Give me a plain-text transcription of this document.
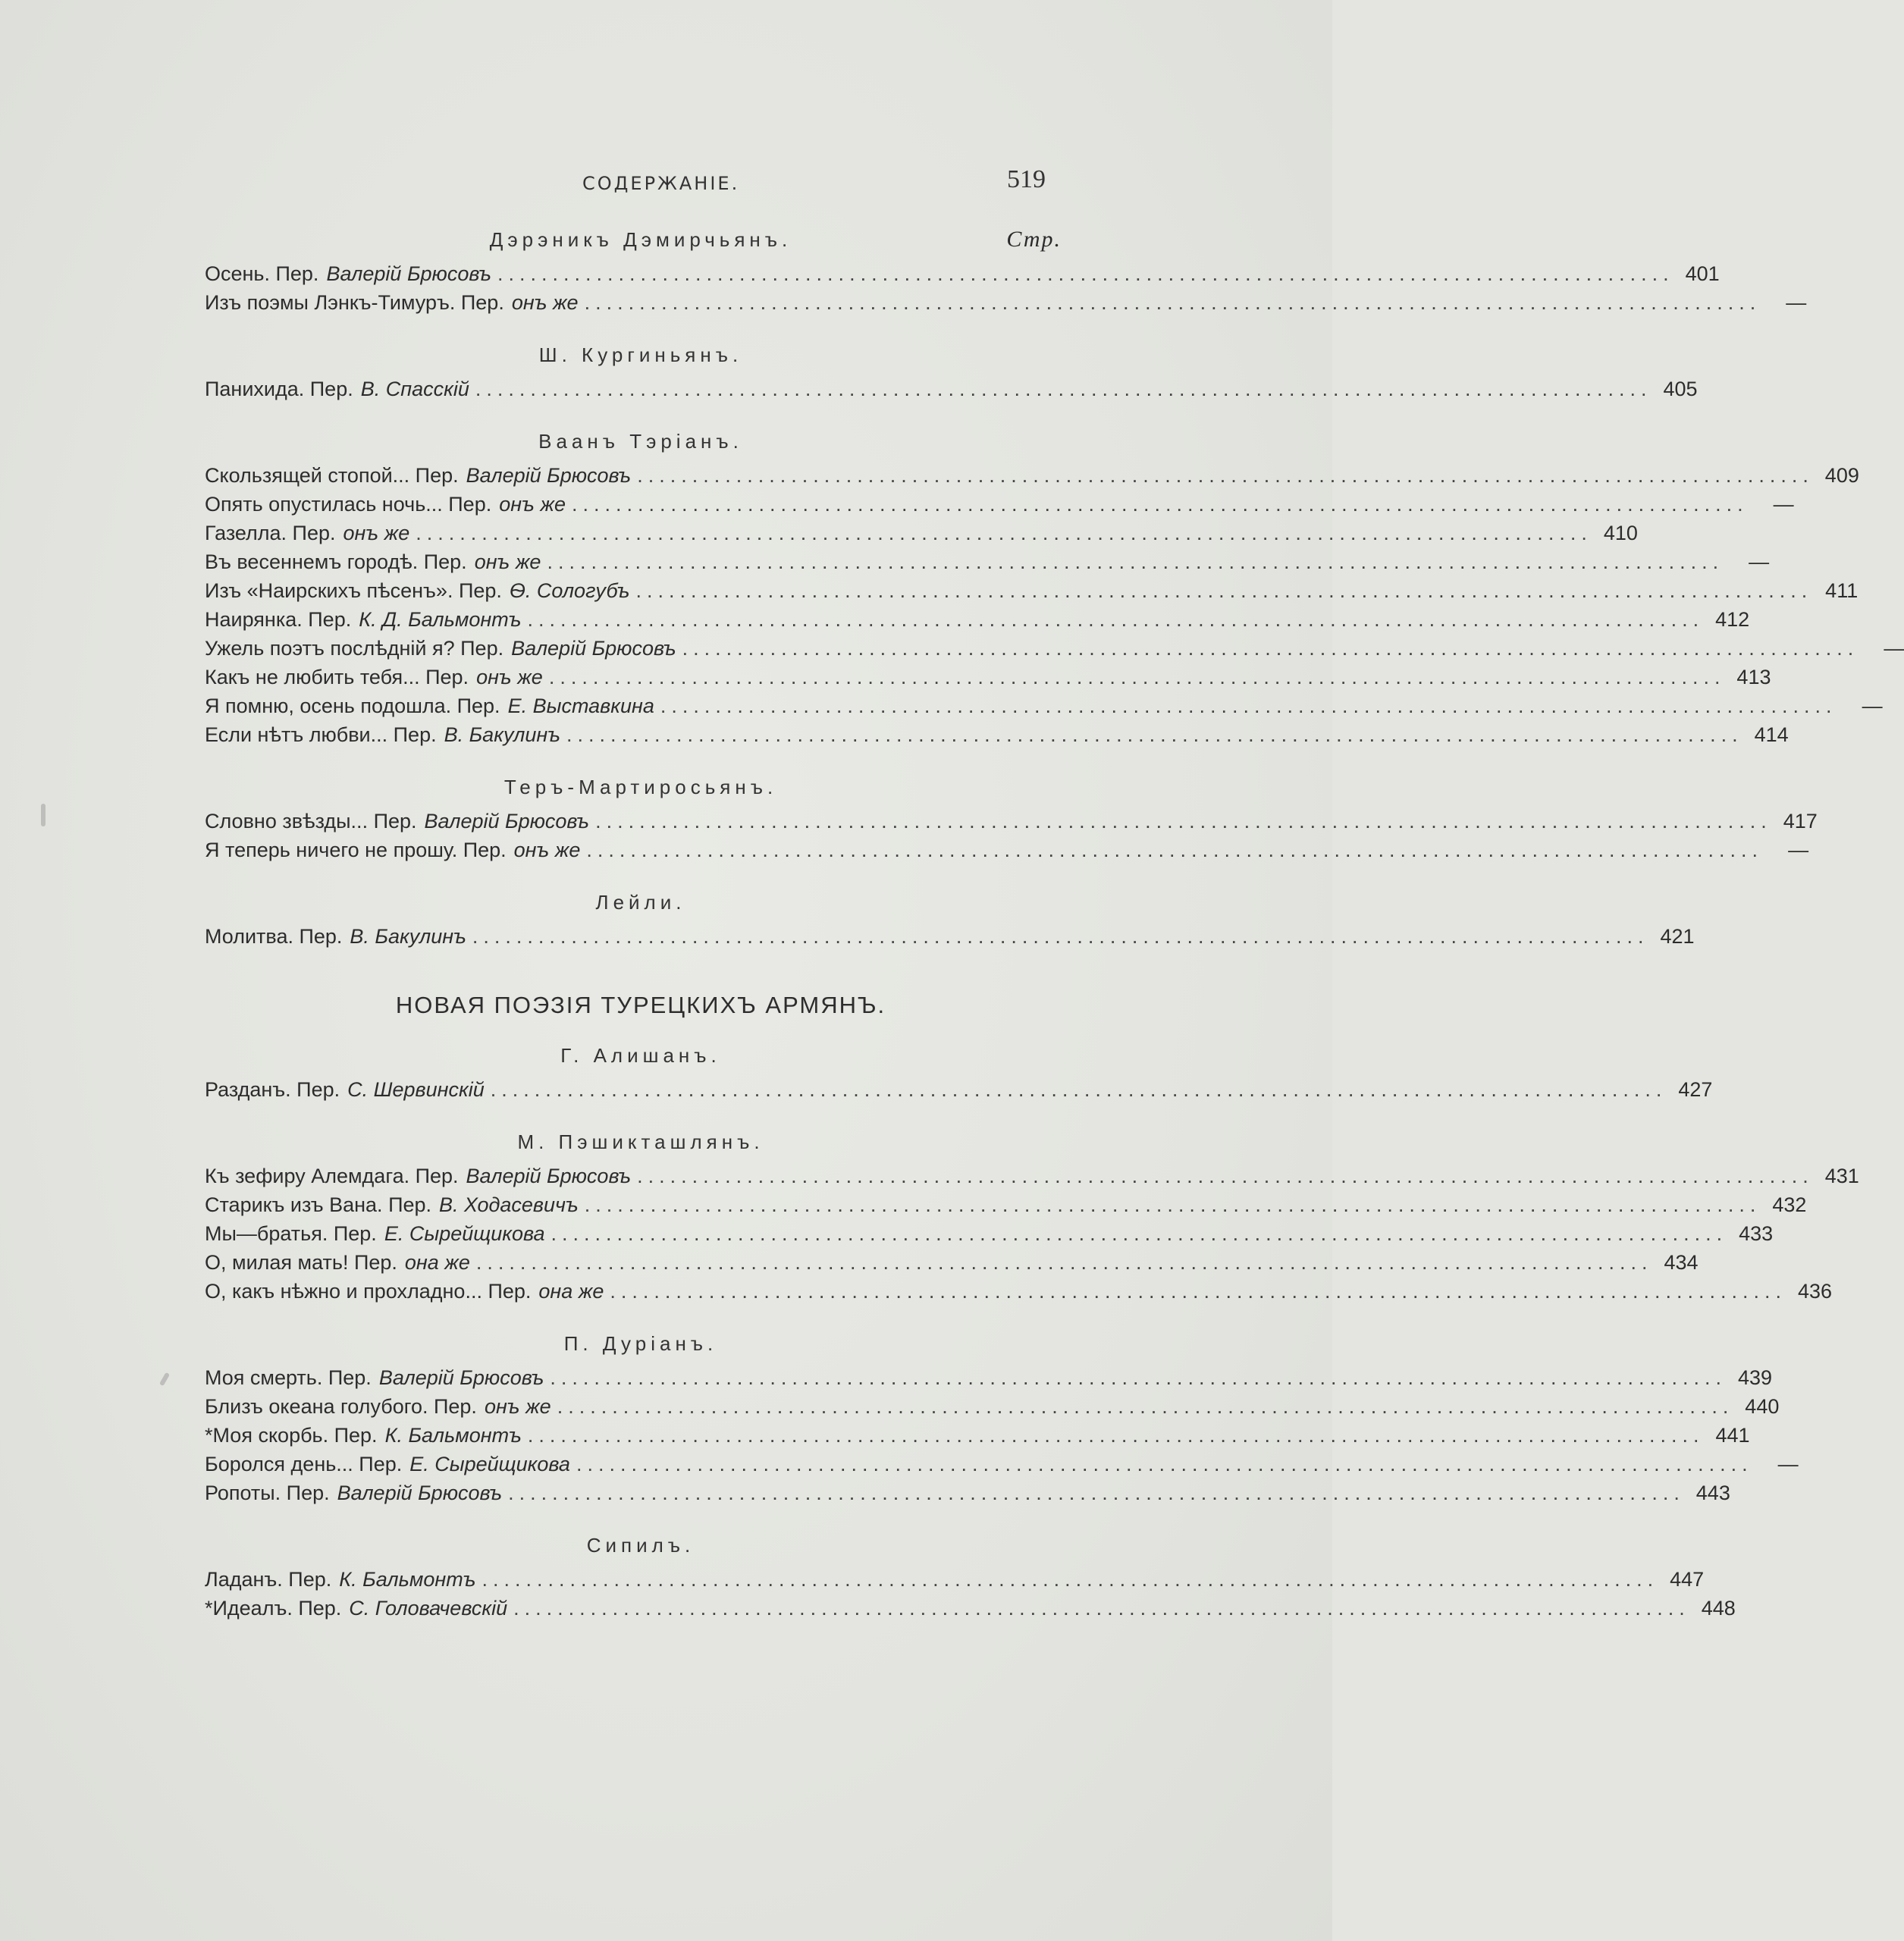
СОДЕРЖАНІЕ.	519
Дэрэникъ Дэмирчьянъ.	Стр.
Осень. Пер. Валерій Брюсовъ ........................................................................................................... 401
Изъ поэмы Лэнкъ-Тимуръ. Пер. онъ же ...........................................................................................................	—
Ш. Кургиньянъ.
Панихида. Пер. В. Спасскій ........................................................................................................... 405
Ваанъ Тэріанъ.
Скользящей стопой... Пер. Валерій Брюсовъ ........................................................................................................... 409
Опять опустилась ночь... Пер. онъ же ...........................................................................................................	—
Газелла. Пер. онъ же ........................................................................................................... 410
Въ весеннемъ городѣ. Пер. онъ же ...........................................................................................................	—
Изъ «Наирскихъ пѣсенъ». Пер. Ѳ. Сологубъ ........................................................................................................... 411
Наирянка. Пер. К. Д. Бальмонтъ ........................................................................................................... 412
Ужель поэтъ послѣдній я? Пер. Валерій Брюсовъ ...........................................................................................................	—
Какъ не любить тебя... Пер. онъ же ........................................................................................................... 413
Я помню, осень подошла. Пер. Е. Выставкина ...........................................................................................................	—
Если нѣтъ любви... Пер. В. Бакулинъ ........................................................................................................... 414
Теръ-Мартиросьянъ.
Словно звѣзды... Пер. Валерій Брюсовъ ........................................................................................................... 417
Я теперь ничего не прошу. Пер. онъ же ...........................................................................................................	—
Лейли.
Молитва. Пер. В. Бакулинъ ........................................................................................................... 421
НОВАЯ ПОЭЗІЯ ТУРЕЦКИХЪ АРМЯНЪ.
Г. Алишанъ.
Разданъ. Пер. С. Шервинскій ........................................................................................................... 427
М. Пэшикташлянъ.
Къ зефиру Алемдага. Пер. Валерій Брюсовъ ........................................................................................................... 431
Старикъ изъ Вана. Пер. В. Ходасевичъ ........................................................................................................... 432
Мы—братья. Пер. Е. Сырейщикова ........................................................................................................... 433
О, милая мать! Пер. она же ........................................................................................................... 434
О, какъ нѣжно и прохладно... Пер. она же ........................................................................................................... 436
П. Дуріанъ.
Моя смерть. Пер. Валерій Брюсовъ ........................................................................................................... 439
Близъ океана голубого. Пер. онъ же ........................................................................................................... 440
*Моя скорбь. Пер. К. Бальмонтъ ........................................................................................................... 441
Боролся день... Пер. Е. Сырейщикова ...........................................................................................................	—
Ропоты. Пер. Валерій Брюсовъ ........................................................................................................... 443
Сипилъ.
Ладанъ. Пер. К. Бальмонтъ ........................................................................................................... 447
*Идеалъ. Пер. С. Головачевскій ........................................................................................................... 448
